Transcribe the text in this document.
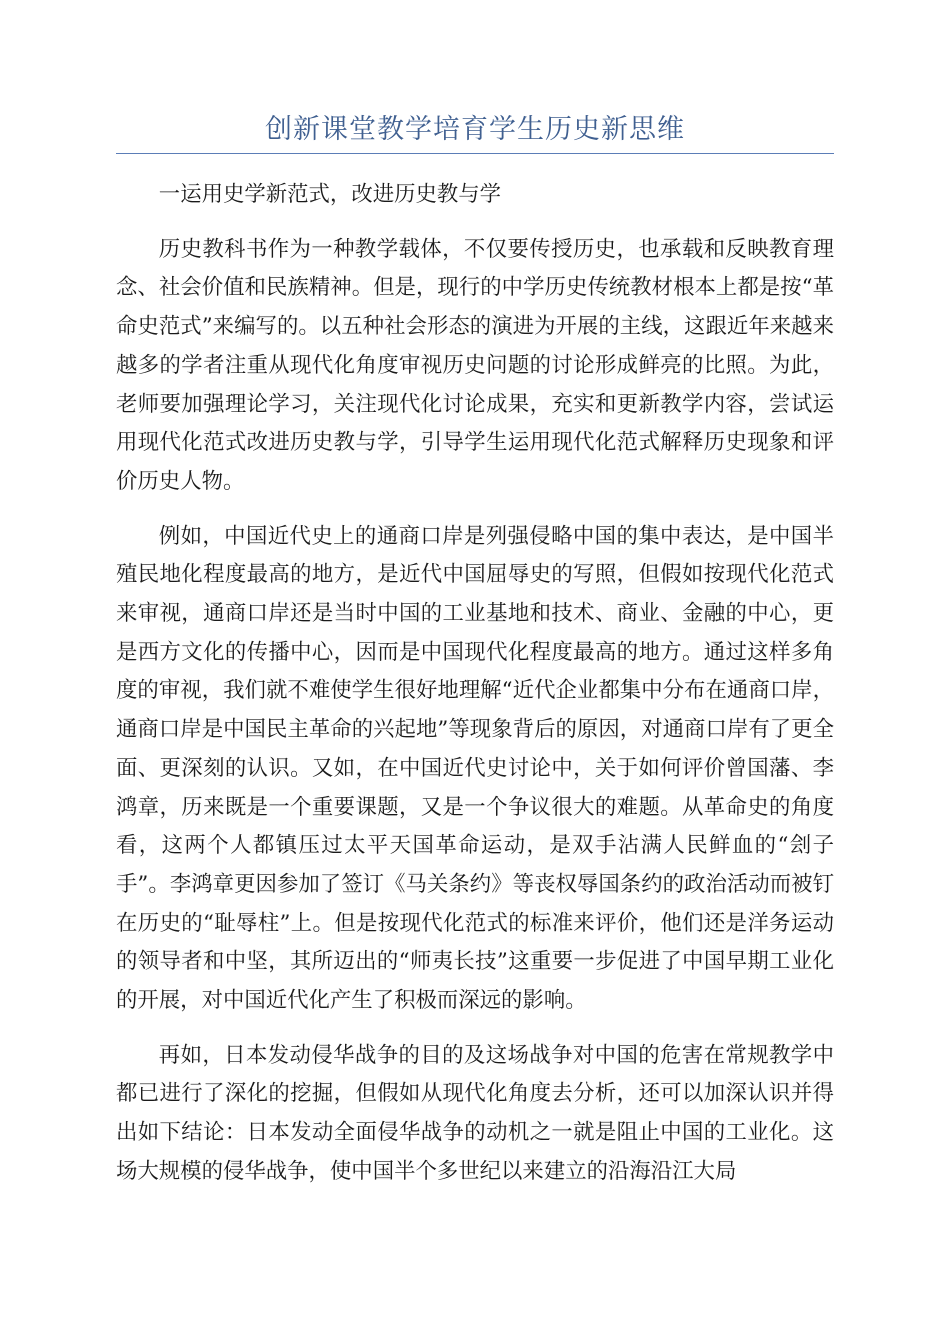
创新课堂教学培育学生历史新思维

一运用史学新范式，改进历史教与学

历史教科书作为一种教学载体，不仅要传授历史，也承载和反映教育理念、社会价值和民族精神。但是，现行的中学历史传统教材根本上都是按“革命史范式”来编写的。以五种社会形态的演进为开展的主线，这跟近年来越来越多的学者注重从现代化角度审视历史问题的讨论形成鲜亮的比照。为此，老师要加强理论学习，关注现代化讨论成果，充实和更新教学内容，尝试运用现代化范式改进历史教与学，引导学生运用现代化范式解释历史现象和评价历史人物。

例如，中国近代史上的通商口岸是列强侵略中国的集中表达，是中国半殖民地化程度最高的地方，是近代中国屈辱史的写照，但假如按现代化范式来审视，通商口岸还是当时中国的工业基地和技术、商业、金融的中心，更是西方文化的传播中心，因而是中国现代化程度最高的地方。通过这样多角度的审视，我们就不难使学生很好地理解“近代企业都集中分布在通商口岸，通商口岸是中国民主革命的兴起地”等现象背后的原因，对通商口岸有了更全面、更深刻的认识。又如，在中国近代史讨论中，关于如何评价曾国藩、李鸿章，历来既是一个重要课题，又是一个争议很大的难题。从革命史的角度看，这两个人都镇压过太平天国革命运动，是双手沾满人民鲜血的“刽子手”。李鸿章更因参加了签订《马关条约》等丧权辱国条约的政治活动而被钉在历史的“耻辱柱”上。但是按现代化范式的标准来评价，他们还是洋务运动的领导者和中坚，其所迈出的“师夷长技”这重要一步促进了中国早期工业化的开展，对中国近代化产生了积极而深远的影响。

再如，日本发动侵华战争的目的及这场战争对中国的危害在常规教学中都已进行了深化的挖掘，但假如从现代化角度去分析，还可以加深认识并得出如下结论：日本发动全面侵华战争的动机之一就是阻止中国的工业化。这场大规模的侵华战争，使中国半个多世纪以来建立的沿海沿江大局
